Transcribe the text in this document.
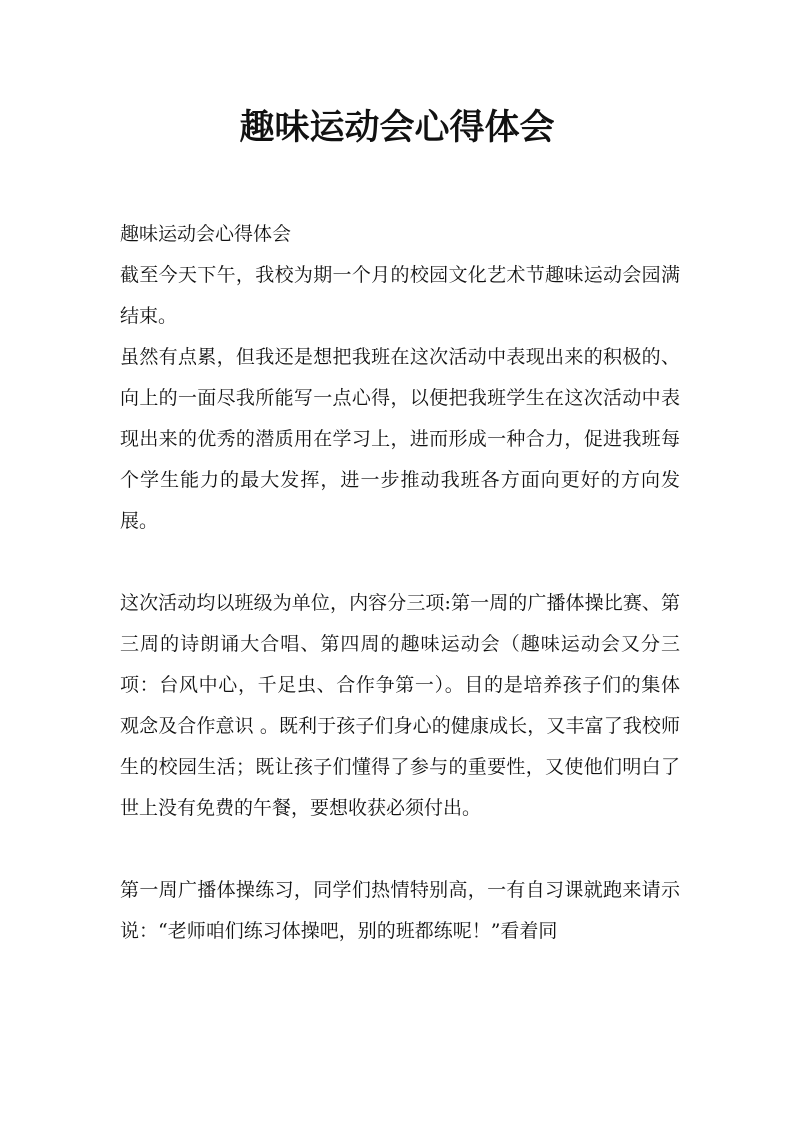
趣味运动会心得体会

趣味运动会心得体会

截至今天下午，我校为期一个月的校园文化艺术节趣味运动会园满结束。

虽然有点累，但我还是想把我班在这次活动中表现出来的积极的、向上的一面尽我所能写一点心得，以便把我班学生在这次活动中表现出来的优秀的潜质用在学习上，进而形成一种合力，促进我班每个学生能力的最大发挥，进一步推动我班各方面向更好的方向发展。

这次活动均以班级为单位，内容分三项:第一周的广播体操比赛、第三周的诗朗诵大合唱、第四周的趣味运动会（趣味运动会又分三项：台风中心，千足虫、合作争第一）。目的是培养孩子们的集体观念及合作意识 。既利于孩子们身心的健康成长，又丰富了我校师生的校园生活；既让孩子们懂得了参与的重要性，又使他们明白了世上没有免费的午餐，要想收获必须付出。

第一周广播体操练习，同学们热情特别高，一有自习课就跑来请示说：“老师咱们练习体操吧，别的班都练呢！”看着同
